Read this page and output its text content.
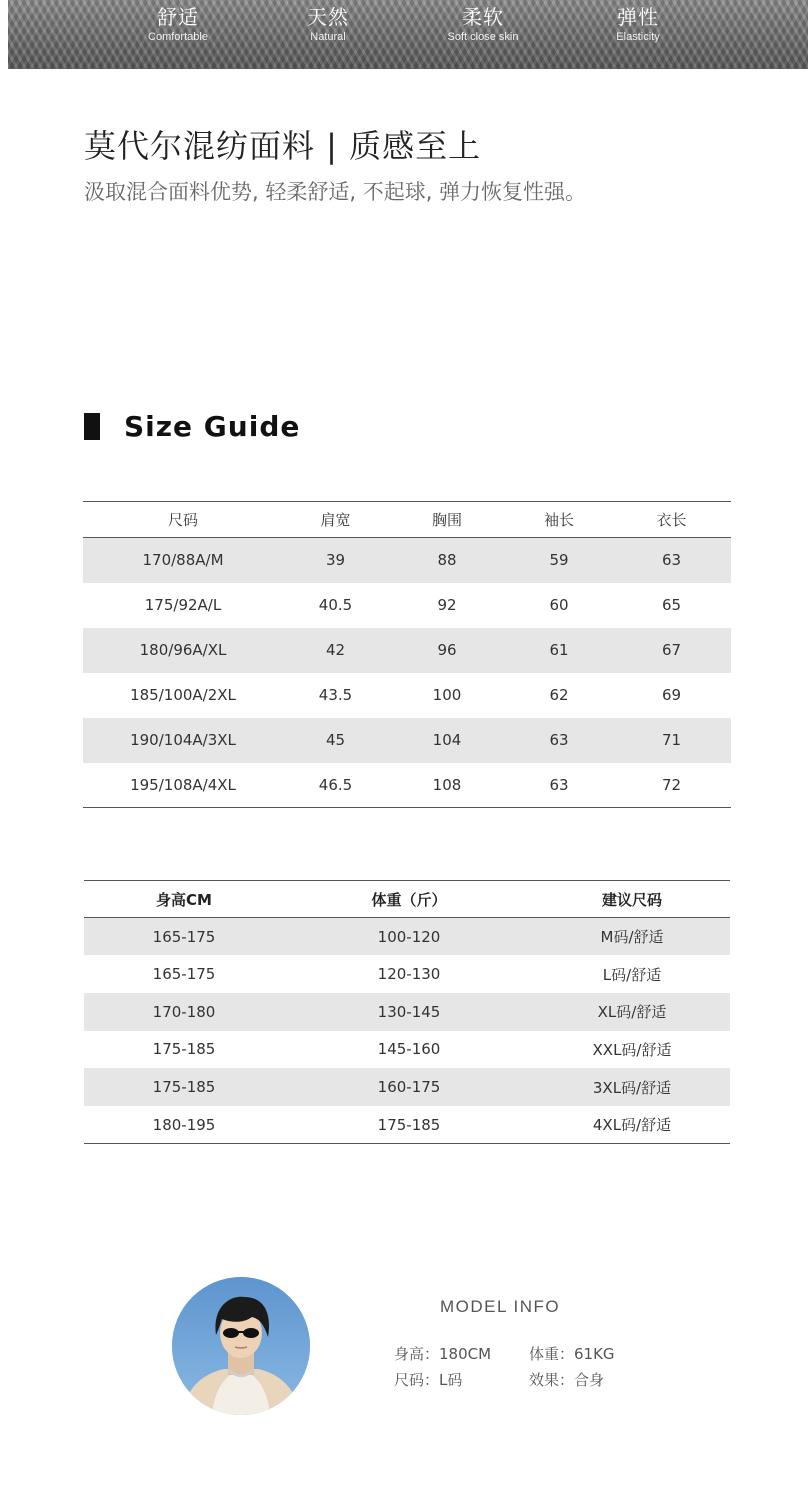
舒适
Comfortable
天然
Natural
柔软
Soft close skin
弹性
Elasticity
莫代尔混纺面料 | 质感至上
汲取混合面料优势, 轻柔舒适, 不起球, 弹力恢复性强。
Size Guide
尺码	肩宽	胸围	袖长	衣长
170/88A/M	39	88	59	63
175/92A/L	40.5	92	60	65
180/96A/XL	42	96	61	67
185/100A/2XL	43.5	100	62	69
190/104A/3XL	45	104	63	71
195/108A/4XL	46.5	108	63	72
身高CM	体重（斤）	建议尺码
165-175	100-120	M码/舒适
165-175	120-130	L码/舒适
170-180	130-145	XL码/舒适
175-185	145-160	XXL码/舒适
175-185	160-175	3XL码/舒适
180-195	175-185	4XL码/舒适
MODEL INFO
身高：180CM	体重：61KG
尺码：L码	效果：合身
